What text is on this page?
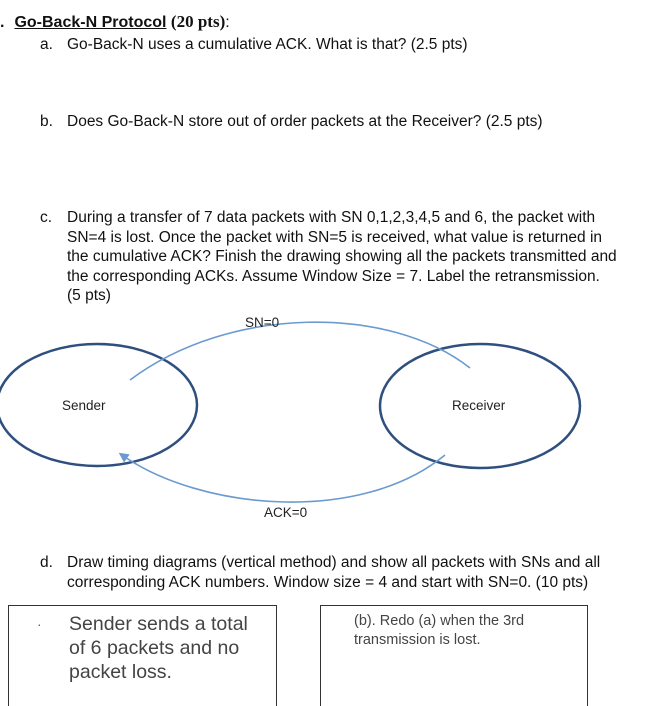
. Go-Back-N Protocol (20 pts):
a. Go-Back-N uses a cumulative ACK. What is that? (2.5 pts)
b. Does Go-Back-N store out of order packets at the Receiver? (2.5 pts)
c. During a transfer of 7 data packets with SN 0,1,2,3,4,5 and 6, the packet with
SN=4 is lost. Once the packet with SN=5 is received, what value is returned in
the cumulative ACK? Finish the drawing showing all the packets transmitted and
the corresponding ACKs. Assume Window Size = 7. Label the retransmission.
(5 pts)
Sender	Receiver
SN=0
ACK=0
d. Draw timing diagrams (vertical method) and show all packets with SNs and all
corresponding ACK numbers. Window size = 4 and start with SN=0. (10 pts)
· Sender sends a total
of 6 packets and no
packet loss.
(b). Redo (a) when the 3rd
transmission is lost.
